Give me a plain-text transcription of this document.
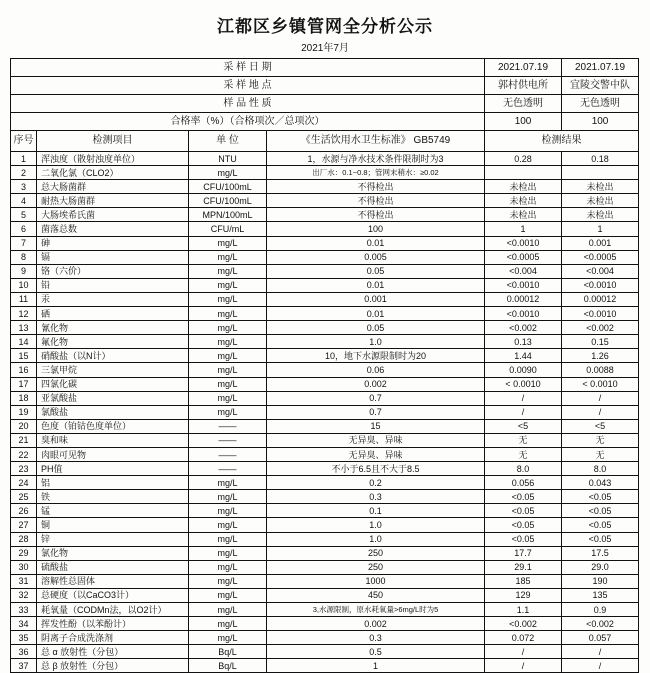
江都区乡镇管网全分析公示
2021年7月
采 样 日 期				2021.07.19	2021.07.19
采 样 地 点				郭村供电所	宜陵交警中队
样 品 性 质				无色透明	无色透明
合格率（%）（合格项次／总项次）				100	100
序号	检测项目	单 位	《生活饮用水卫生标准》 GB5749	检测结果	
1	浑浊度（散射浊度单位）	NTU	1，水源与净水技术条件限制时为3	0.28	0.18
2	二氧化氯（CLO2）	mg/L	出厂水：0.1~0.8；管网末稍水：≥0.02		
3	总大肠菌群	CFU/100mL	不得检出	未检出	未检出
4	耐热大肠菌群	CFU/100mL	不得检出	未检出	未检出
5	大肠埃希氏菌	MPN/100mL	不得检出	未检出	未检出
6	菌落总数	CFU/mL	100	1	1
7	砷	mg/L	0.01	<0.0010	0.001
8	镉	mg/L	0.005	<0.0005	<0.0005
9	铬（六价）	mg/L	0.05	<0.004	<0.004
10	铅	mg/L	0.01	<0.0010	<0.0010
11	汞	mg/L	0.001	0.00012	0.00012
12	硒	mg/L	0.01	<0.0010	<0.0010
13	氰化物	mg/L	0.05	<0.002	<0.002
14	氟化物	mg/L	1.0	0.13	0.15
15	硝酸盐（以N计）	mg/L	10，地下水源限制时为20	1.44	1.26
16	三氯甲烷	mg/L	0.06	0.0090	0.0088
17	四氯化碳	mg/L	0.002	< 0.0010	< 0.0010
18	亚氯酸盐	mg/L	0.7	/	/
19	氯酸盐	mg/L	0.7	/	/
20	色度（铂钴色度单位）	——	15	<5	<5
21	臭和味	——	无异臭、异味	无	无
22	肉眼可见物	——	无异臭、异味	无	无
23	PH值	——	不小于6.5且不大于8.5	8.0	8.0
24	铝	mg/L	0.2	0.056	0.043
25	铁	mg/L	0.3	<0.05	<0.05
26	锰	mg/L	0.1	<0.05	<0.05
27	铜	mg/L	1.0	<0.05	<0.05
28	锌	mg/L	1.0	<0.05	<0.05
29	氯化物	mg/L	250	17.7	17.5
30	硫酸盐	mg/L	250	29.1	29.0
31	溶解性总固体	mg/L	1000	185	190
32	总硬度（以CaCO3计）	mg/L	450	129	135
33	耗氧量（CODMn法，以O2计）	mg/L	3,水源限制，原水耗氧量>6mg/L时为5	1.1	0.9
34	挥发性酚（以苯酚计）	mg/L	0.002	<0.002	<0.002
35	阴离子合成洗涤剂	mg/L	0.3	0.072	0.057
36	总 α 放射性（分包）	Bq/L	0.5	/	/
37	总 β 放射性（分包）	Bq/L	1	/	/
